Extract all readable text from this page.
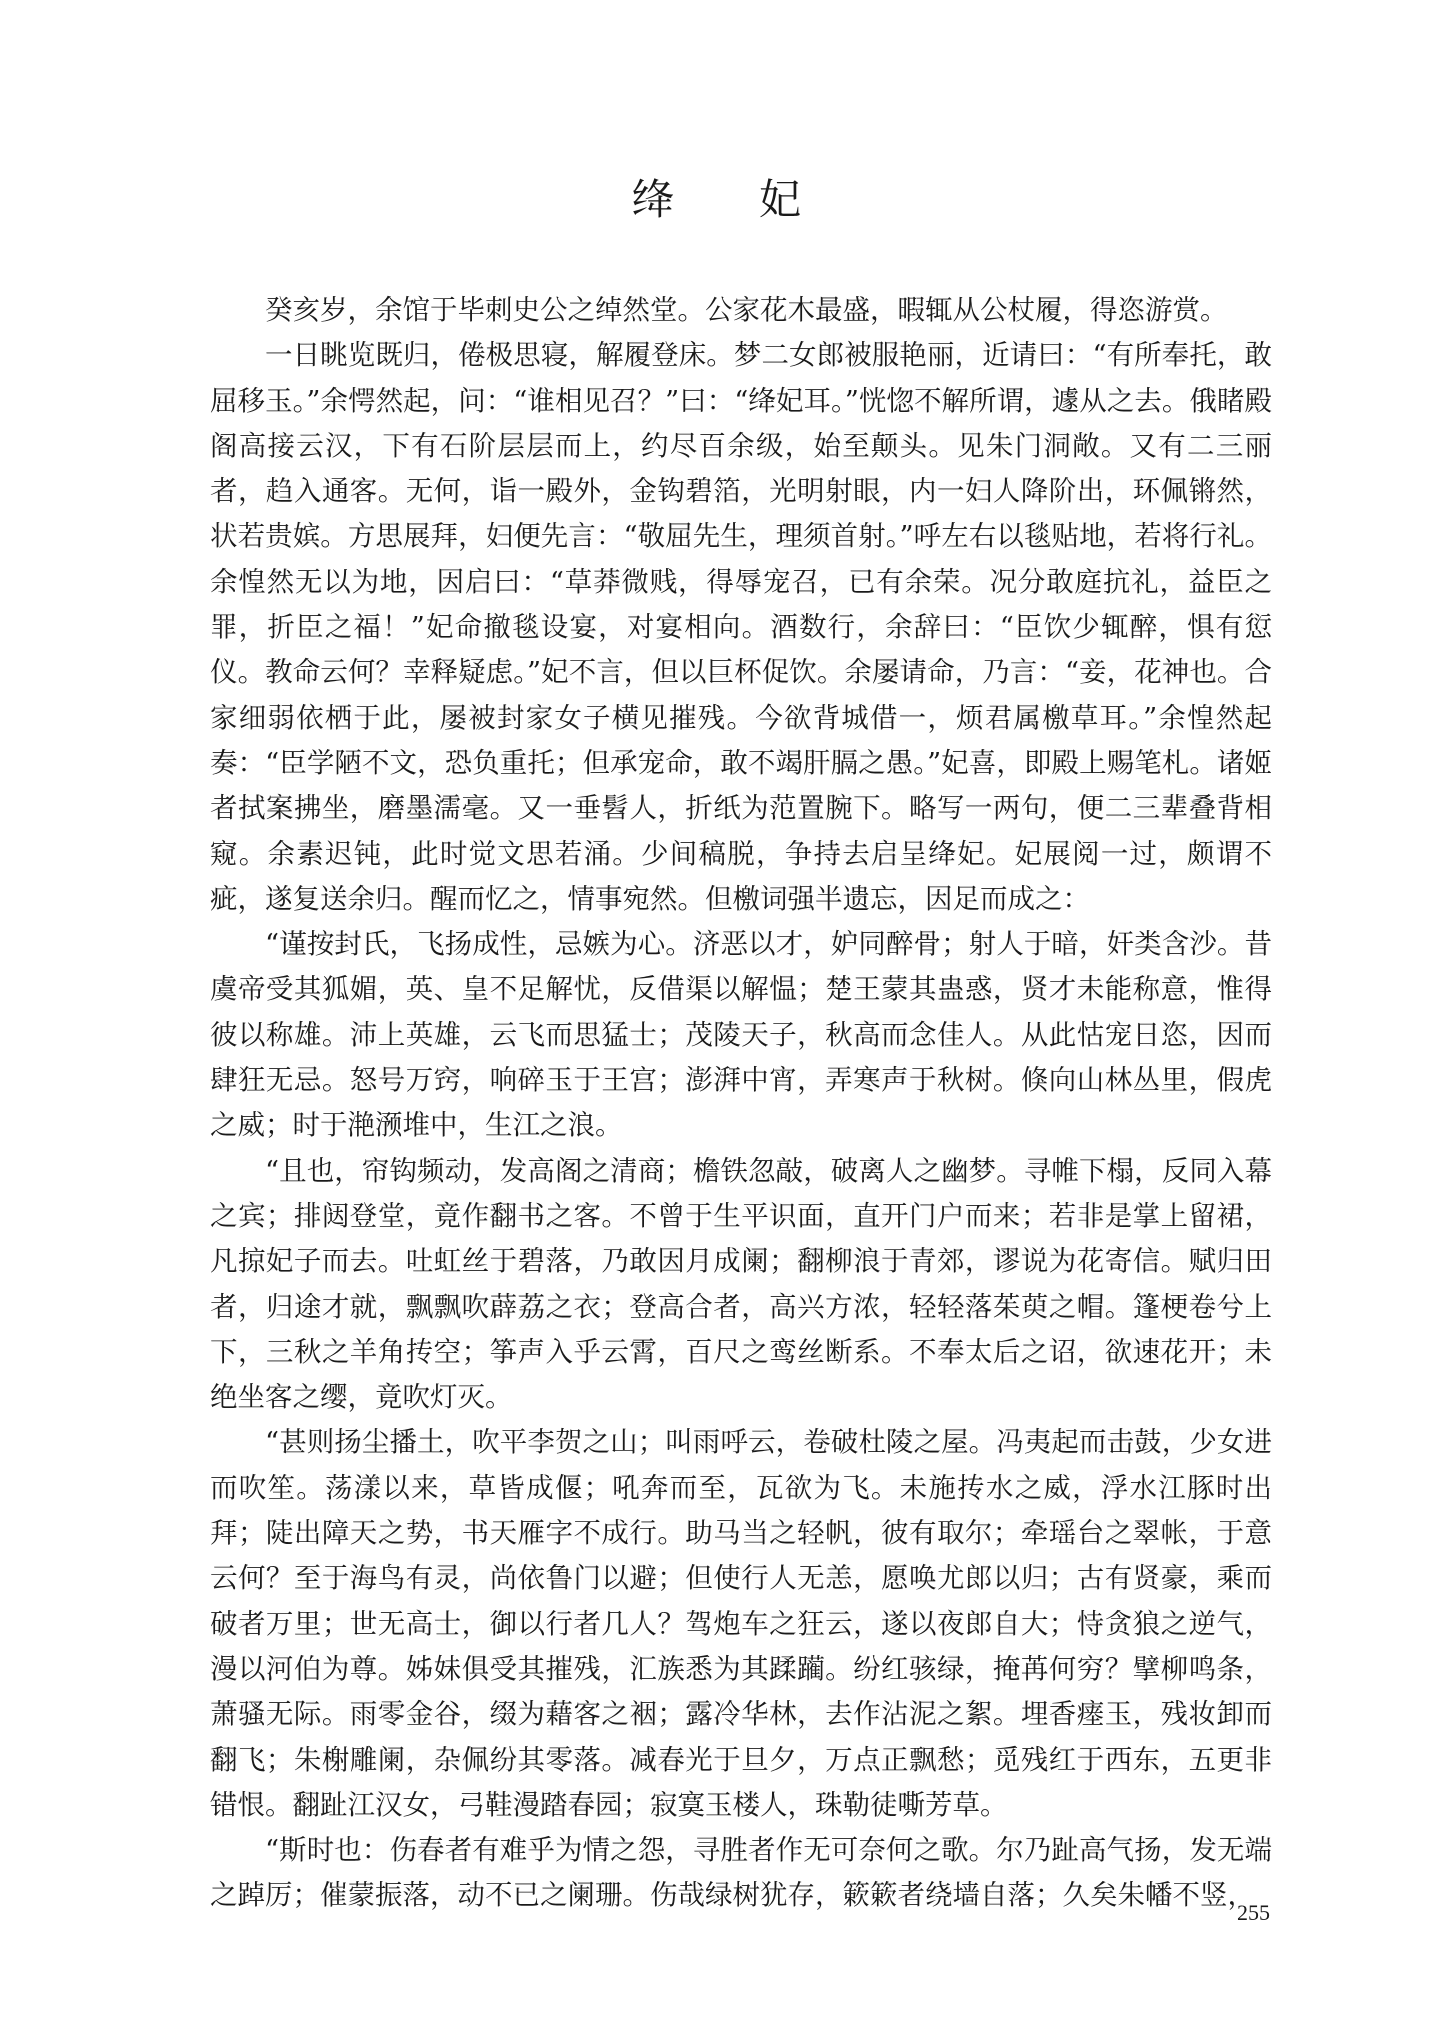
绛 妃

癸亥岁，余馆于毕刺史公之绰然堂。公家花木最盛，暇辄从公杖履，得恣游赏。

一日眺览既归，倦极思寝，解履登床。梦二女郎被服艳丽，近请曰：“有所奉托，敢屈移玉。”余愕然起，问：“谁相见召？”曰：“绛妃耳。”恍惚不解所谓，遽从之去。俄睹殿阁高接云汉，下有石阶层层而上，约尽百余级，始至颠头。见朱门洞敞。又有二三丽者，趋入通客。无何，诣一殿外，金钩碧箔，光明射眼，内一妇人降阶出，环佩锵然，状若贵嫔。方思展拜，妇便先言：“敬屈先生，理须首射。”呼左右以毯贴地，若将行礼。余惶然无以为地，因启曰：“草莽微贱，得辱宠召，已有余荣。况分敢庭抗礼，益臣之罪，折臣之福！”妃命撤毯设宴，对宴相向。酒数行，余辞曰：“臣饮少辄醉，惧有愆仪。教命云何？幸释疑虑。”妃不言，但以巨杯促饮。余屡请命，乃言：“妾，花神也。合家细弱依栖于此，屡被封家女子横见摧残。今欲背城借一，烦君属檄草耳。”余惶然起奏：“臣学陋不文，恐负重托；但承宠命，敢不竭肝膈之愚。”妃喜，即殿上赐笔札。诸姬者拭案拂坐，磨墨濡毫。又一垂髫人，折纸为范置腕下。略写一两句，便二三辈叠背相窥。余素迟钝，此时觉文思若涌。少间稿脱，争持去启呈绛妃。妃展阅一过，颇谓不疵，遂复送余归。醒而忆之，情事宛然。但檄词强半遗忘，因足而成之：

“谨按封氏，飞扬成性，忌嫉为心。济恶以才，妒同醉骨；射人于暗，奸类含沙。昔虞帝受其狐媚，英、皇不足解忧，反借渠以解愠；楚王蒙其蛊惑，贤才未能称意，惟得彼以称雄。沛上英雄，云飞而思猛士；茂陵天子，秋高而念佳人。从此怙宠日恣，因而肆狂无忌。怒号万窍，响碎玉于王宫；澎湃中宵，弄寒声于秋树。倏向山林丛里，假虎之威；时于滟滪堆中，生江之浪。

“且也，帘钩频动，发高阁之清商；檐铁忽敲，破离人之幽梦。寻帷下榻，反同入幕之宾；排闼登堂，竟作翻书之客。不曾于生平识面，直开门户而来；若非是掌上留裙，凡掠妃子而去。吐虹丝于碧落，乃敢因月成阑；翻柳浪于青郊，谬说为花寄信。赋归田者，归途才就，飘飘吹薜荔之衣；登高合者，高兴方浓，轻轻落茱萸之帽。篷梗卷兮上下，三秋之羊角抟空；筝声入乎云霄，百尺之鸾丝断系。不奉太后之诏，欲速花开；未绝坐客之缨，竟吹灯灭。

“甚则扬尘播土，吹平李贺之山；叫雨呼云，卷破杜陵之屋。冯夷起而击鼓，少女进而吹笙。荡漾以来，草皆成偃；吼奔而至，瓦欲为飞。未施抟水之威，浮水江豚时出拜；陡出障天之势，书天雁字不成行。助马当之轻帆，彼有取尔；牵瑶台之翠帐，于意云何？至于海鸟有灵，尚依鲁门以避；但使行人无恙，愿唤尤郎以归；古有贤豪，乘而破者万里；世无高士，御以行者几人？驾炮车之狂云，遂以夜郎自大；恃贪狼之逆气，漫以河伯为尊。姊妹俱受其摧残，汇族悉为其蹂躏。纷红骇绿，掩苒何穷？擘柳鸣条，萧骚无际。雨零金谷，缀为藉客之裀；露冷华林，去作沾泥之絮。埋香瘗玉，残妆卸而翻飞；朱榭雕阑，杂佩纷其零落。减春光于旦夕，万点正飘愁；觅残红于西东，五更非错恨。翻趾江汉女，弓鞋漫踏春园；寂寞玉楼人，珠勒徒嘶芳草。

“斯时也：伤春者有难乎为情之怨，寻胜者作无可奈何之歌。尔乃趾高气扬，发无端之踔厉；催蒙振落，动不已之阑珊。伤哉绿树犹存，簌簌者绕墙自落；久矣朱幡不竖，

255
